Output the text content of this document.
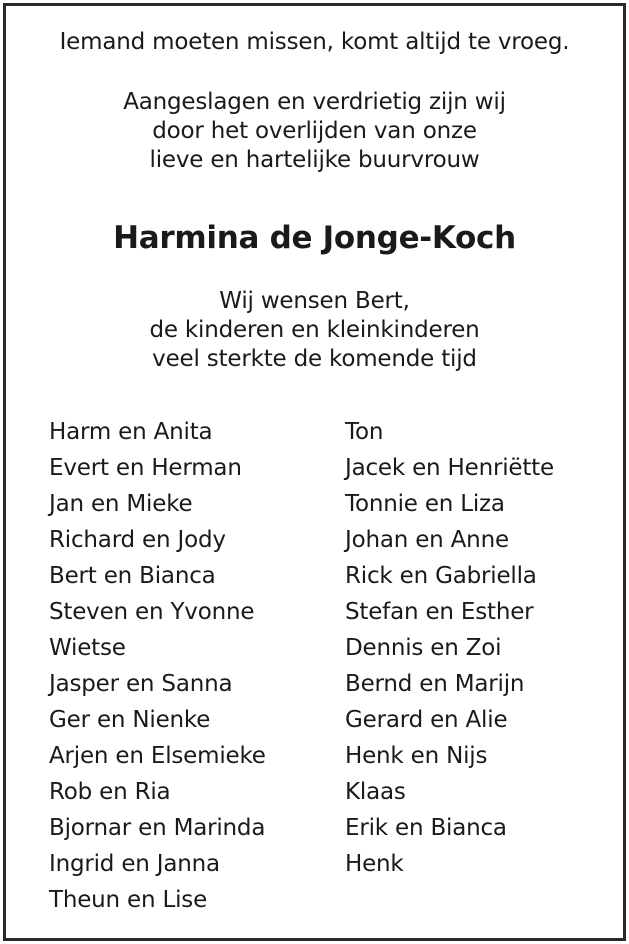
Iemand moeten missen, komt altijd te vroeg.
Aangeslagen en verdrietig zijn wij
door het overlijden van onze
lieve en hartelijke buurvrouw
Harmina de Jonge-Koch
Wij wensen Bert,
de kinderen en kleinkinderen
veel sterkte de komende tijd
Harm en Anita
Evert en Herman
Jan en Mieke
Richard en Jody
Bert en Bianca
Steven en Yvonne
Wietse
Jasper en Sanna
Ger en Nienke
Arjen en Elsemieke
Rob en Ria
Bjornar en Marinda
Ingrid en Janna
Theun en Lise
Ton
Jacek en Henriëtte
Tonnie en Liza
Johan en Anne
Rick en Gabriella
Stefan en Esther
Dennis en Zoi
Bernd en Marijn
Gerard en Alie
Henk en Nijs
Klaas
Erik en Bianca
Henk
